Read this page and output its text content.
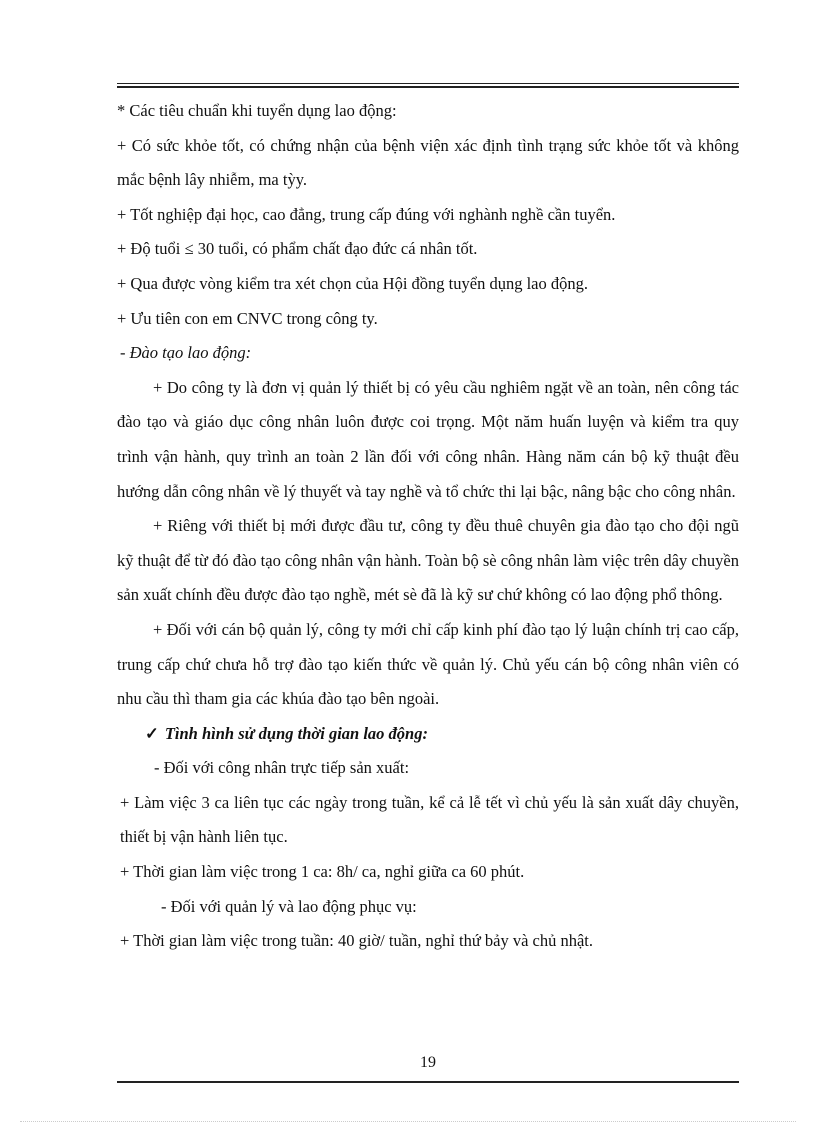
* Các tiêu chuẩn khi tuyển dụng lao động:

+ Có sức khỏe tốt, có chứng nhận của bệnh viện xác định tình trạng sức khỏe tốt và không mắc bệnh lây nhiễm, ma tỳy.

+ Tốt nghiệp đại học, cao đẳng, trung cấp đúng với nghành nghề cần tuyển.

+ Độ tuổi ≤ 30 tuổi, có phẩm chất đạo đức cá nhân tốt.

+ Qua được vòng kiểm tra xét chọn của Hội đồng tuyển dụng lao động.

+ Ưu tiên con em CNVC trong công ty.

- Đào tạo lao động:

+ Do công ty là đơn vị quản lý thiết bị có yêu cầu nghiêm ngặt về an toàn, nên công tác đào tạo và giáo dục công nhân luôn được coi trọng. Một năm huấn luyện và kiểm tra quy trình vận hành, quy trình an toàn 2 lần đối với công nhân. Hàng năm cán bộ kỹ thuật đều hướng dẫn công nhân về lý thuyết và tay nghề và tổ chức thi lại bậc, nâng bậc cho công nhân.

+ Riêng với thiết bị mới được đầu tư, công ty đều thuê chuyên gia đào tạo cho đội ngũ kỹ thuật để từ đó đào tạo công nhân vận hành. Toàn bộ sè công nhân làm việc trên dây chuyền sản xuất chính đều được đào tạo nghề, mét sè đã là kỹ sư chứ không có lao động phổ thông.

+ Đối với cán bộ quản lý, công ty mới chỉ cấp kinh phí đào tạo lý luận chính trị cao cấp, trung cấp chứ chưa hỗ trợ đào tạo kiến thức về quản lý. Chủ yếu cán bộ công nhân viên có nhu cầu thì tham gia các khúa đào tạo bên ngoài.

✓ Tình hình sử dụng thời gian lao động:

- Đối với công nhân trực tiếp sản xuất:

+ Làm việc 3 ca liên tục các ngày trong tuần, kể cả lễ tết vì chủ yếu là sản xuất dây chuyền, thiết bị vận hành liên tục.

+ Thời gian làm việc trong 1 ca: 8h/ ca, nghỉ giữa ca 60 phút.

- Đối với quản lý và lao động phục vụ:

+ Thời gian làm việc trong tuần: 40 giờ/ tuần, nghỉ thứ bảy và chủ nhật.

19
